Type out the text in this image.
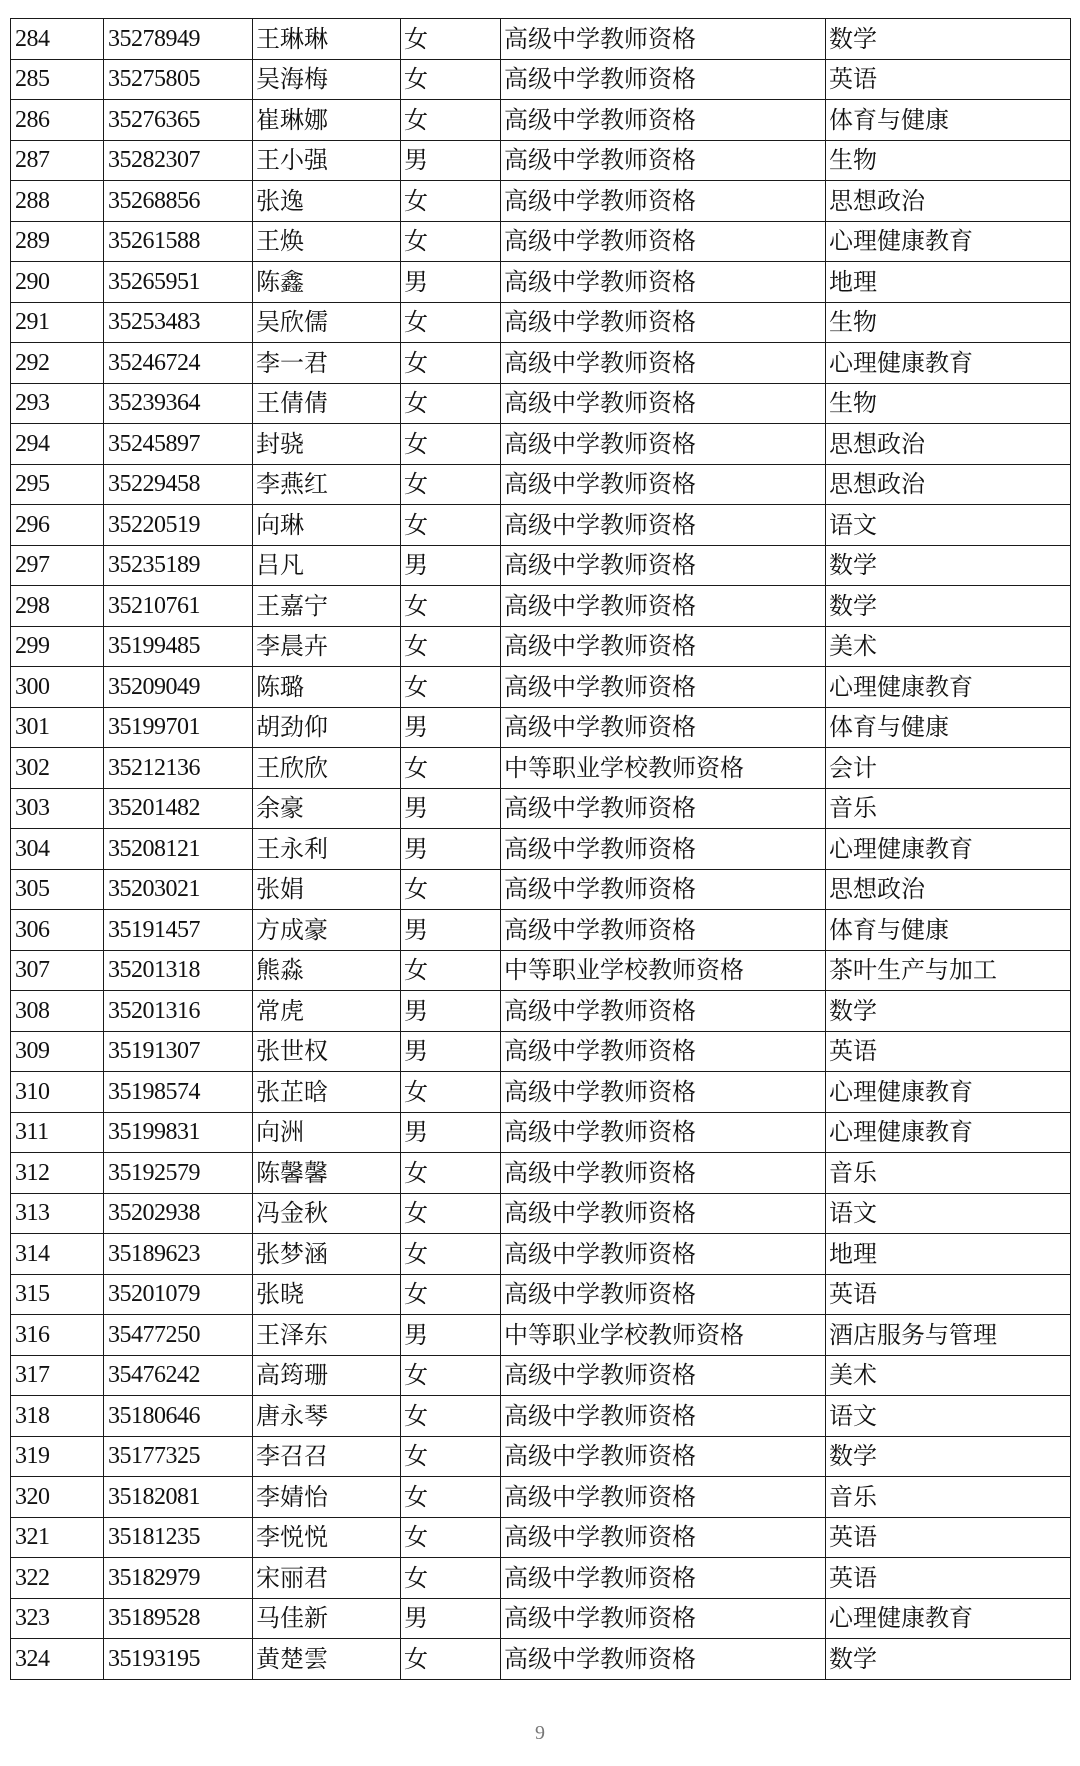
284	35278949	王琳琳	女	高级中学教师资格	数学
285	35275805	吴海梅	女	高级中学教师资格	英语
286	35276365	崔琳娜	女	高级中学教师资格	体育与健康
287	35282307	王小强	男	高级中学教师资格	生物
288	35268856	张逸	女	高级中学教师资格	思想政治
289	35261588	王焕	女	高级中学教师资格	心理健康教育
290	35265951	陈鑫	男	高级中学教师资格	地理
291	35253483	吴欣儒	女	高级中学教师资格	生物
292	35246724	李一君	女	高级中学教师资格	心理健康教育
293	35239364	王倩倩	女	高级中学教师资格	生物
294	35245897	封骁	女	高级中学教师资格	思想政治
295	35229458	李燕红	女	高级中学教师资格	思想政治
296	35220519	向琳	女	高级中学教师资格	语文
297	35235189	吕凡	男	高级中学教师资格	数学
298	35210761	王嘉宁	女	高级中学教师资格	数学
299	35199485	李晨卉	女	高级中学教师资格	美术
300	35209049	陈璐	女	高级中学教师资格	心理健康教育
301	35199701	胡劲仰	男	高级中学教师资格	体育与健康
302	35212136	王欣欣	女	中等职业学校教师资格	会计
303	35201482	余豪	男	高级中学教师资格	音乐
304	35208121	王永利	男	高级中学教师资格	心理健康教育
305	35203021	张娟	女	高级中学教师资格	思想政治
306	35191457	方成豪	男	高级中学教师资格	体育与健康
307	35201318	熊淼	女	中等职业学校教师资格	茶叶生产与加工
308	35201316	常虎	男	高级中学教师资格	数学
309	35191307	张世权	男	高级中学教师资格	英语
310	35198574	张芷晗	女	高级中学教师资格	心理健康教育
311	35199831	向洲	男	高级中学教师资格	心理健康教育
312	35192579	陈馨馨	女	高级中学教师资格	音乐
313	35202938	冯金秋	女	高级中学教师资格	语文
314	35189623	张梦涵	女	高级中学教师资格	地理
315	35201079	张晓	女	高级中学教师资格	英语
316	35477250	王泽东	男	中等职业学校教师资格	酒店服务与管理
317	35476242	高筠珊	女	高级中学教师资格	美术
318	35180646	唐永琴	女	高级中学教师资格	语文
319	35177325	李召召	女	高级中学教师资格	数学
320	35182081	李婧怡	女	高级中学教师资格	音乐
321	35181235	李悦悦	女	高级中学教师资格	英语
322	35182979	宋丽君	女	高级中学教师资格	英语
323	35189528	马佳新	男	高级中学教师资格	心理健康教育
324	35193195	黄楚雲	女	高级中学教师资格	数学
9
